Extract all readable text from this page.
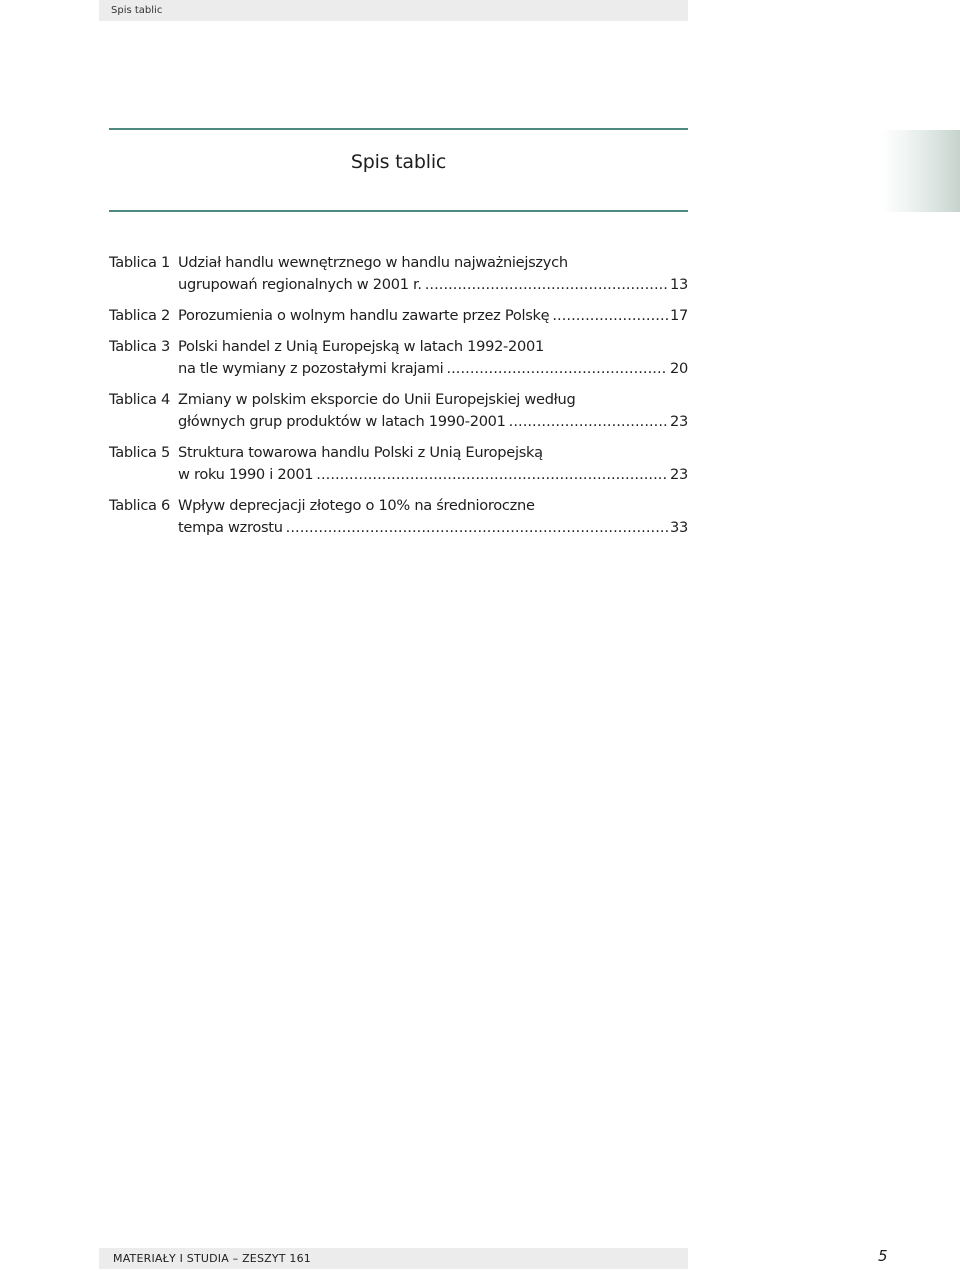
Spis tablic
Spis tablic
Tablica 1 Udział handlu wewnętrznego w handlu najważniejszych
ugrupowań regionalnych w 2001 r. . . .	13
Tablica 2 Porozumienia o wolnym handlu zawarte przez Polskę . . .	17
Tablica 3 Polski handel z Unią Europejską w latach 1992-2001
na tle wymiany z pozostałymi krajami . . .	20
Tablica 4 Zmiany w polskim eksporcie do Unii Europejskiej według
głównych grup produktów w latach 1990-2001 . . .	23
Tablica 5 Struktura towarowa handlu Polski z Unią Europejską
w roku 1990 i 2001 . . .	23
Tablica 6 Wpływ deprecjacji złotego o 10% na średnioroczne
tempa wzrostu . . .	33
MATERIAŁY I STUDIA – ZESZYT 161	5
